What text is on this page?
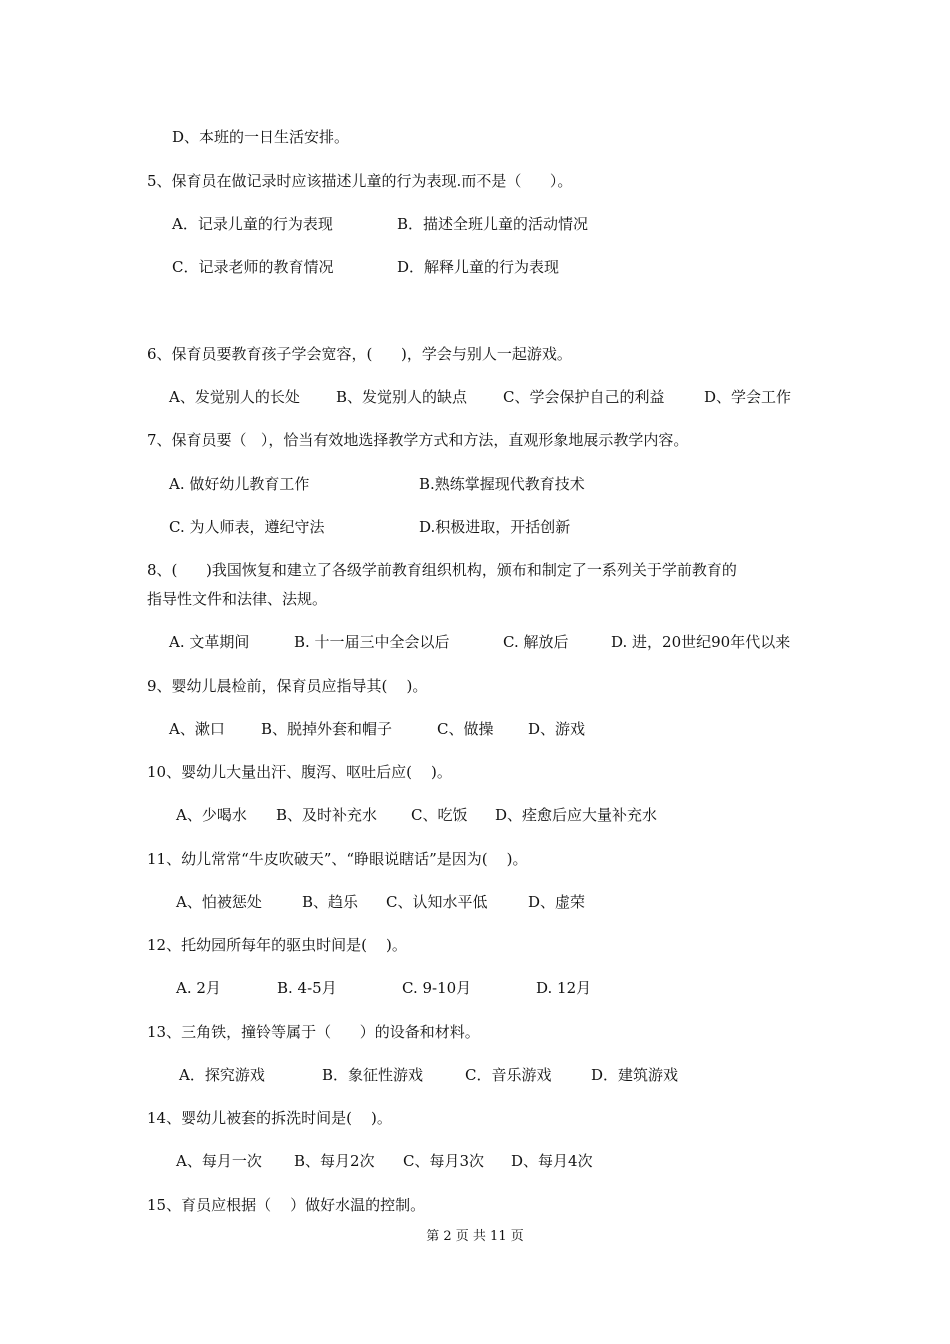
D、本班的一日生活安排。
5、保育员在做记录时应该描述儿童的行为表现.而不是（      ）。
A．记录儿童的行为表现	B．描述全班儿童的活动情况
C．记录老师的教育情况	D．解释儿童的行为表现
6、保育员要教育孩子学会宽容，(      )，学会与别人一起游戏。
A、发觉别人的长处 B、发觉别人的缺点 C、学会保护自己的利益	D、学会工作
7、保育员要（   ），恰当有效地选择教学方式和方法，直观形象地展示教学内容。
A. 做好幼儿教育工作	B.熟练掌握现代教育技术
C. 为人师表，遵纪守法	D.积极进取，开括创新
8、(      )我国恢复和建立了各级学前教育组织机构，颁布和制定了一系列关于学前教育的
指导性文件和法律、法规。
A. 文革期间	B. 十一届三中全会以后	C. 解放后	D. 进，20世纪90年代以来
9、婴幼儿晨检前，保育员应指导其(    )。
A、漱口 B、脱掉外套和帽子	C、做操 D、游戏
10、婴幼儿大量出汗、腹泻、呕吐后应(    )。
A、少喝水 B、及时补充水 C、吃饭 D、痊愈后应大量补充水
11、幼儿常常“牛皮吹破天”、“睁眼说瞎话”是因为(    )。
A、怕被惩处	B、趋乐 C、认知水平低	D、虚荣
12、托幼园所每年的驱虫时间是(    )。
A. 2月	B. 4-5月	C. 9-10月	D. 12月
13、三角铁，撞铃等属于（      ）的设备和材料。
A．探究游戏	B．象征性游戏	C．音乐游戏	D．建筑游戏
14、婴幼儿被套的拆洗时间是(    )。
A、每月一次 B、每月2次 C、每月3次 D、每月4次
15、育员应根据（    ）做好水温的控制。
第 2 页 共 11 页
